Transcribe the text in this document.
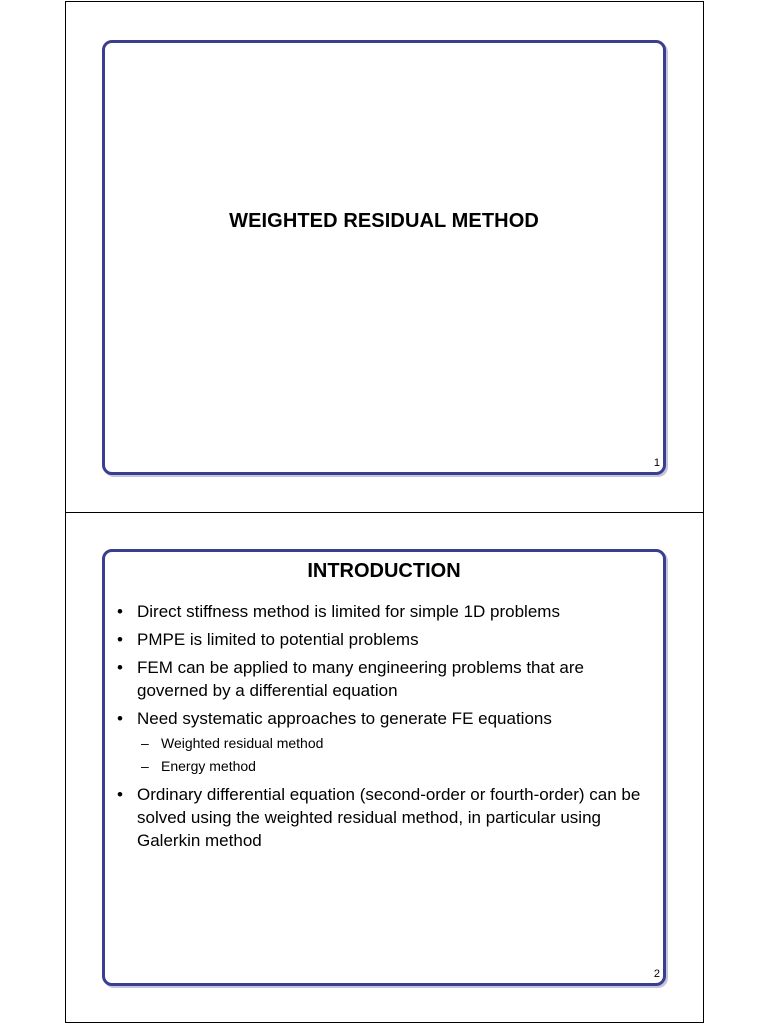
WEIGHTED RESIDUAL METHOD
1
INTRODUCTION
• Direct stiffness method is limited for simple 1D problems
• PMPE is limited to potential problems
• FEM can be applied to many engineering problems that are governed by a differential equation
• Need systematic approaches to generate FE equations
– Weighted residual method
– Energy method
• Ordinary differential equation (second-order or fourth-order) can be solved using the weighted residual method, in particular using Galerkin method
2
